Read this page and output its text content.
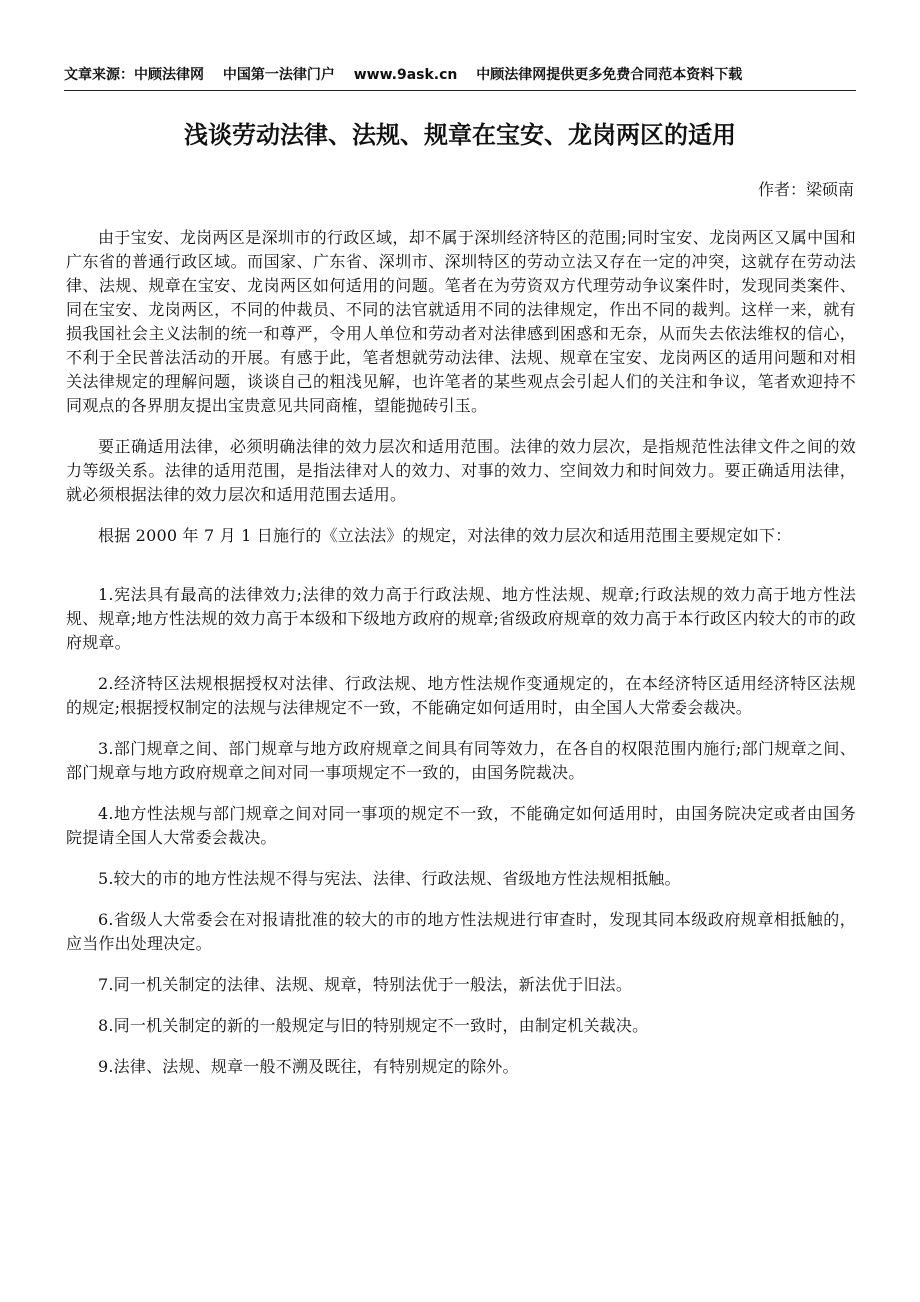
文章来源：中顾法律网 中国第一法律门户 www.9ask.cn 中顾法律网提供更多免费合同范本资料下载
浅谈劳动法律、法规、规章在宝安、龙岗两区的适用
作者：梁硕南

由于宝安、龙岗两区是深圳市的行政区域，却不属于深圳经济特区的范围;同时宝安、龙岗两区又属中国和广东省的普通行政区域。而国家、广东省、深圳市、深圳特区的劳动立法又存在一定的冲突，这就存在劳动法律、法规、规章在宝安、龙岗两区如何适用的问题。笔者在为劳资双方代理劳动争议案件时，发现同类案件、同在宝安、龙岗两区，不同的仲裁员、不同的法官就适用不同的法律规定，作出不同的裁判。这样一来，就有损我国社会主义法制的统一和尊严，令用人单位和劳动者对法律感到困惑和无奈，从而失去依法维权的信心，不利于全民普法活动的开展。有感于此，笔者想就劳动法律、法规、规章在宝安、龙岗两区的适用问题和对相关法律规定的理解问题，谈谈自己的粗浅见解，也许笔者的某些观点会引起人们的关注和争议，笔者欢迎持不同观点的各界朋友提出宝贵意见共同商榷，望能抛砖引玉。

要正确适用法律，必须明确法律的效力层次和适用范围。法律的效力层次，是指规范性法律文件之间的效力等级关系。法律的适用范围，是指法律对人的效力、对事的效力、空间效力和时间效力。要正确适用法律，就必须根据法律的效力层次和适用范围去适用。

根据 2000 年 7 月 1 日施行的《立法法》的规定，对法律的效力层次和适用范围主要规定如下：

1.宪法具有最高的法律效力;法律的效力高于行政法规、地方性法规、规章;行政法规的效力高于地方性法规、规章;地方性法规的效力高于本级和下级地方政府的规章;省级政府规章的效力高于本行政区内较大的市的政府规章。

2.经济特区法规根据授权对法律、行政法规、地方性法规作变通规定的，在本经济特区适用经济特区法规的规定;根据授权制定的法规与法律规定不一致，不能确定如何适用时，由全国人大常委会裁决。

3.部门规章之间、部门规章与地方政府规章之间具有同等效力，在各自的权限范围内施行;部门规章之间、部门规章与地方政府规章之间对同一事项规定不一致的，由国务院裁决。

4.地方性法规与部门规章之间对同一事项的规定不一致，不能确定如何适用时，由国务院决定或者由国务院提请全国人大常委会裁决。

5.较大的市的地方性法规不得与宪法、法律、行政法规、省级地方性法规相抵触。

6.省级人大常委会在对报请批准的较大的市的地方性法规进行审查时，发现其同本级政府规章相抵触的，应当作出处理决定。

7.同一机关制定的法律、法规、规章，特别法优于一般法，新法优于旧法。

8.同一机关制定的新的一般规定与旧的特别规定不一致时，由制定机关裁决。

9.法律、法规、规章一般不溯及既往，有特别规定的除外。
